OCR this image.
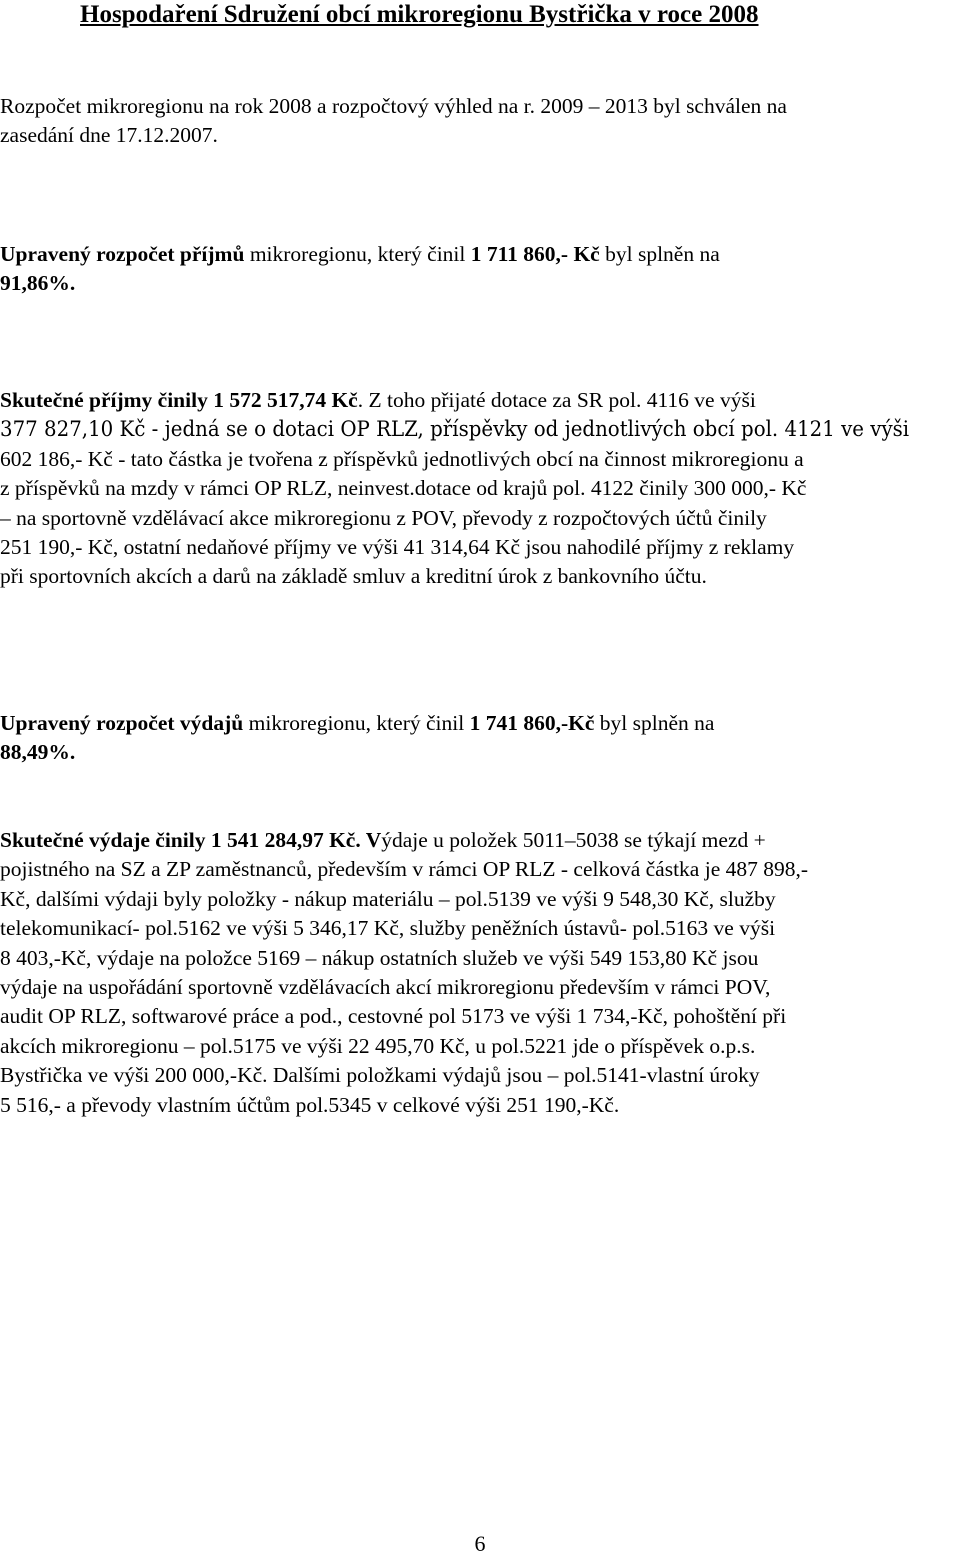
Hospodaření Sdružení obcí mikroregionu Bystřička v roce 2008
Rozpočet mikroregionu na rok 2008 a rozpočtový výhled na r. 2009 – 2013 byl schválen na
zasedání dne 17.12.2007.
Upravený rozpočet příjmů mikroregionu, který činil 1 711 860,- Kč byl splněn na
91,86%.
Skutečné příjmy činily 1 572 517,74 Kč. Z toho přijaté dotace za SR pol. 4116 ve výši
377 827,10 Kč - jedná se o dotaci OP RLZ, příspěvky od jednotlivých obcí pol. 4121 ve výši
602 186,- Kč - tato částka je tvořena z příspěvků jednotlivých obcí na činnost mikroregionu a
z příspěvků na mzdy v rámci OP RLZ, neinvest.dotace od krajů pol. 4122 činily 300 000,- Kč
– na sportovně vzdělávací akce mikroregionu z POV, převody z rozpočtových účtů činily
251 190,- Kč, ostatní nedaňové příjmy ve výši 41 314,64 Kč jsou nahodilé příjmy z reklamy
při sportovních akcích a darů na základě smluv a kreditní úrok z bankovního účtu.
Upravený rozpočet výdajů mikroregionu, který činil 1 741 860,-Kč byl splněn na
88,49%.
Skutečné výdaje činily 1 541 284,97 Kč. Výdaje u položek 5011–5038 se týkají mezd +
pojistného na SZ a ZP zaměstnanců, především v rámci OP RLZ - celková částka je 487 898,-
Kč, dalšími výdaji byly položky - nákup materiálu – pol.5139 ve výši 9 548,30 Kč, služby
telekomunikací- pol.5162 ve výši 5 346,17 Kč, služby peněžních ústavů- pol.5163 ve výši
8 403,-Kč, výdaje na položce 5169 – nákup ostatních služeb ve výši 549 153,80 Kč jsou
výdaje na uspořádání sportovně vzdělávacích akcí mikroregionu především v rámci POV,
audit OP RLZ, softwarové práce a pod., cestovné pol 5173 ve výši 1 734,-Kč, pohoštění při
akcích mikroregionu – pol.5175 ve výši 22 495,70 Kč, u pol.5221 jde o příspěvek o.p.s.
Bystřička ve výši 200 000,-Kč. Dalšími položkami výdajů jsou – pol.5141-vlastní úroky
5 516,- a převody vlastním účtům pol.5345 v celkové výši 251 190,-Kč.
6
